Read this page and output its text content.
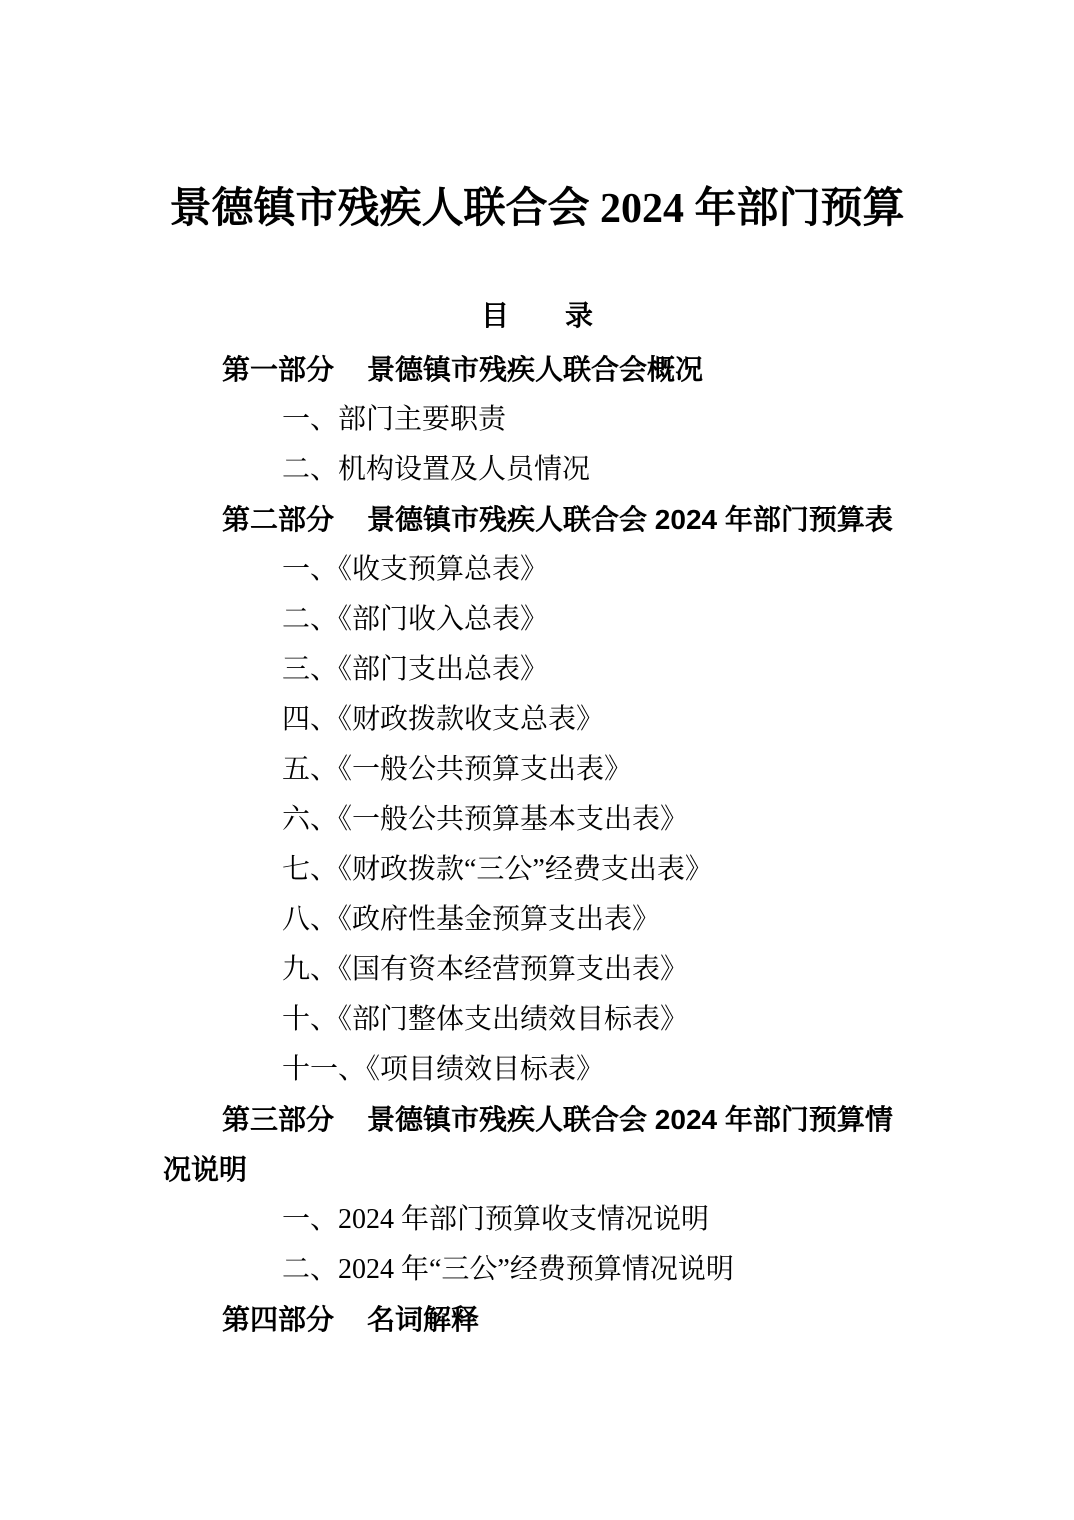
景德镇市残疾人联合会 2024 年部门预算
目　　录
第一部分 景德镇市残疾人联合会概况
一、部门主要职责
二、机构设置及人员情况
第二部分 景德镇市残疾人联合会 2024 年部门预算表
一、《收支预算总表》
二、《部门收入总表》
三、《部门支出总表》
四、《财政拨款收支总表》
五、《一般公共预算支出表》
六、《一般公共预算基本支出表》
七、《财政拨款“三公”经费支出表》
八、《政府性基金预算支出表》
九、《国有资本经营预算支出表》
十、《部门整体支出绩效目标表》
十一、《项目绩效目标表》
第三部分 景德镇市残疾人联合会 2024 年部门预算情
况说明
一、2024 年部门预算收支情况说明
二、2024 年“三公”经费预算情况说明
第四部分 名词解释
